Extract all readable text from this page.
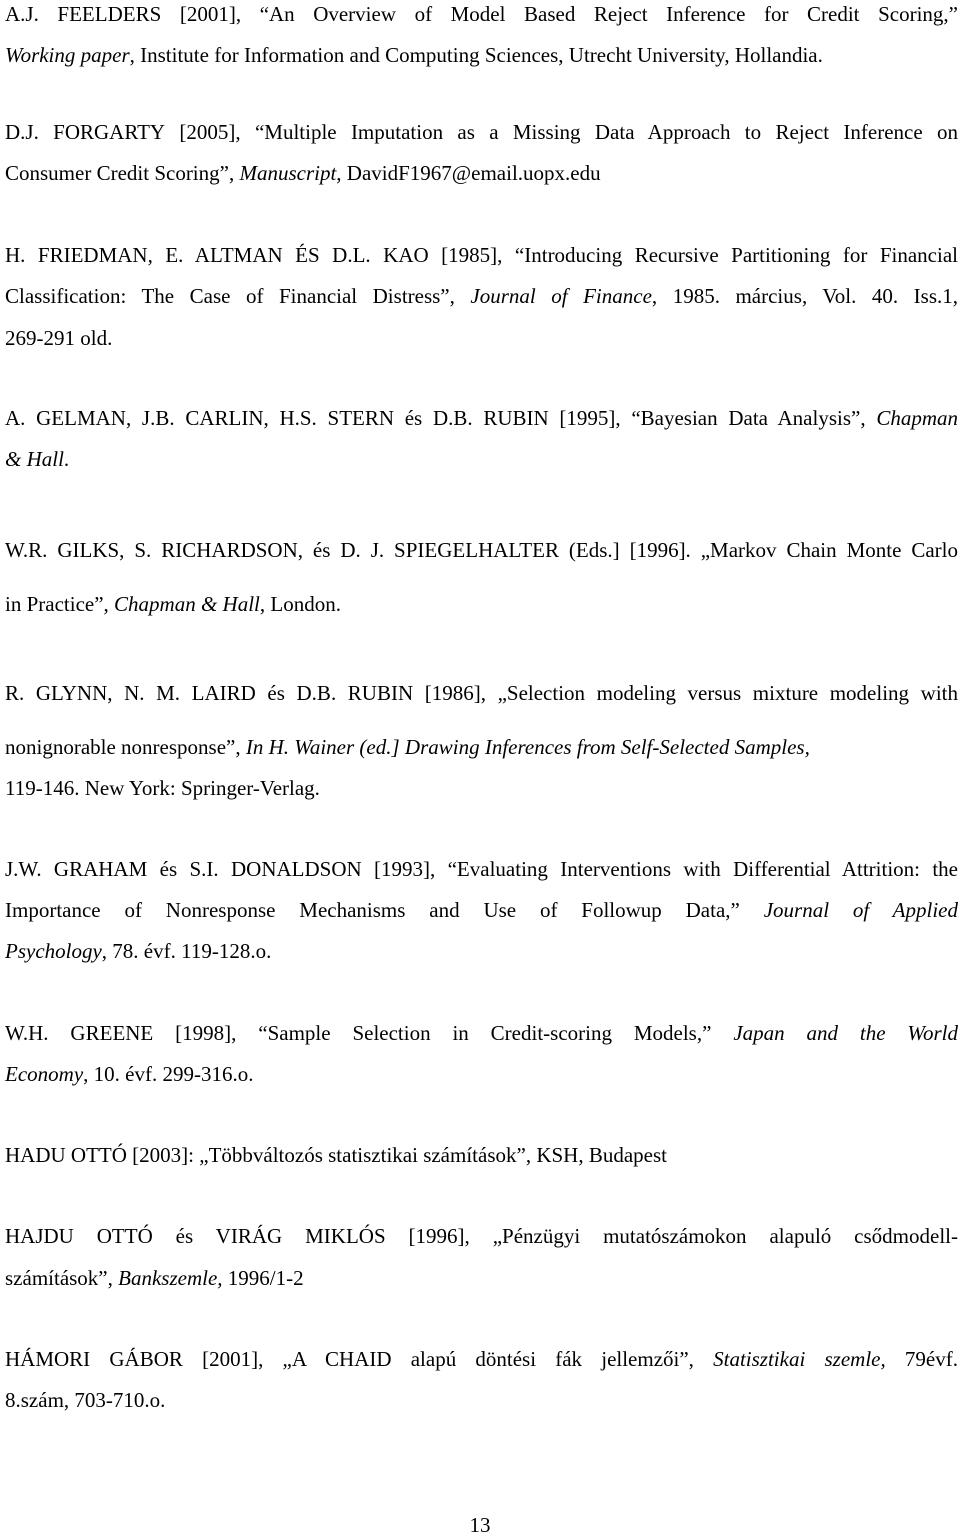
A.J. FEELDERS [2001], “An Overview of Model Based Reject Inference for Credit Scoring,”
Working paper, Institute for Information and Computing Sciences, Utrecht University, Hollandia.
D.J. FORGARTY [2005], “Multiple Imputation as a Missing Data Approach to Reject Inference on
Consumer Credit Scoring”, Manuscript, DavidF1967@email.uopx.edu
H. FRIEDMAN, E. ALTMAN ÉS D.L. KAO [1985], “Introducing Recursive Partitioning for Financial
Classification: The Case of Financial Distress”, Journal of Finance, 1985. március, Vol. 40. Iss.1,
269-291 old.
A. GELMAN, J.B. CARLIN, H.S. STERN és D.B. RUBIN [1995], “Bayesian Data Analysis”, Chapman
& Hall.
W.R. GILKS, S. RICHARDSON, és D. J. SPIEGELHALTER (Eds.] [1996]. „Markov Chain Monte Carlo
in Practice”, Chapman & Hall, London.
R. GLYNN, N. M. LAIRD és D.B. RUBIN [1986], „Selection modeling versus mixture modeling with
nonignorable nonresponse”, In H. Wainer (ed.] Drawing Inferences from Self-Selected Samples,
119-146. New York: Springer-Verlag.
J.W. GRAHAM és S.I. DONALDSON [1993], “Evaluating Interventions with Differential Attrition: the
Importance of Nonresponse Mechanisms and Use of Followup Data,” Journal of Applied
Psychology, 78. évf. 119-128.o.
W.H. GREENE [1998], “Sample Selection in Credit-scoring Models,” Japan and the World
Economy, 10. évf. 299-316.o.
HADU OTTÓ [2003]: „Többváltozós statisztikai számítások”, KSH, Budapest
HAJDU OTTÓ és VIRÁG MIKLÓS [1996], „Pénzügyi mutatószámokon alapuló csődmodell-
számítások”, Bankszemle, 1996/1-2
HÁMORI GÁBOR [2001], „A CHAID alapú döntési fák jellemzői”, Statisztikai szemle, 79évf.
8.szám, 703-710.o.
13
